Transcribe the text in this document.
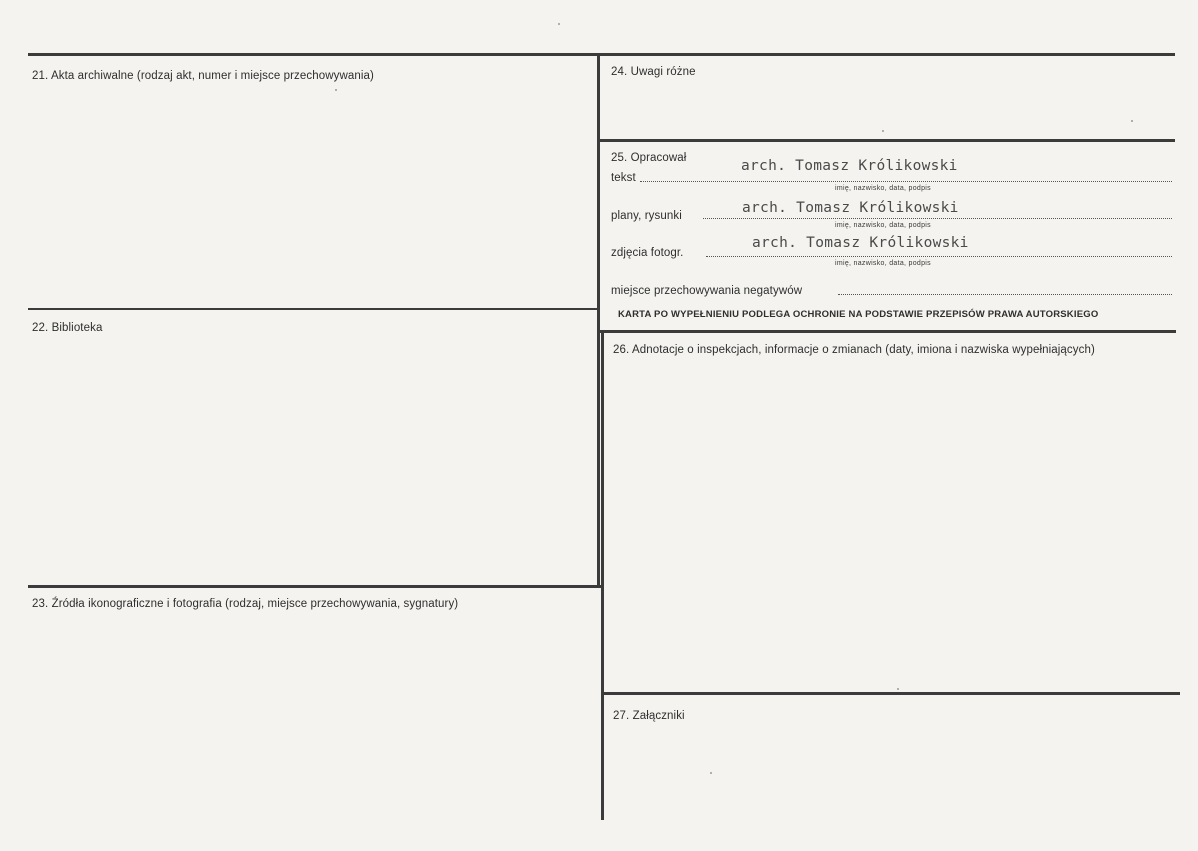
21. Akta archiwalne (rodzaj akt, numer i miejsce przechowywania)
22. Biblioteka
23. Źródła ikonograficzne i fotografia (rodzaj, miejsce przechowywania, sygnatury)
24. Uwagi różne
25. Opracował
tekst
arch. Tomasz Królikowski
imię, nazwisko, data, podpis
plany, rysunki	arch. Tomasz Królikowski
imię, nazwisko, data, podpis
zdjęcia fotogr.
arch. Tomasz Królikowski
imię, nazwisko, data, podpis
miejsce przechowywania negatywów
KARTA PO WYPEŁNIENIU PODLEGA OCHRONIE NA PODSTAWIE PRZEPISÓW PRAWA AUTORSKIEGO
26. Adnotacje o inspekcjach, informacje o zmianach (daty, imiona i nazwiska wypełniających)
27. Załączniki
